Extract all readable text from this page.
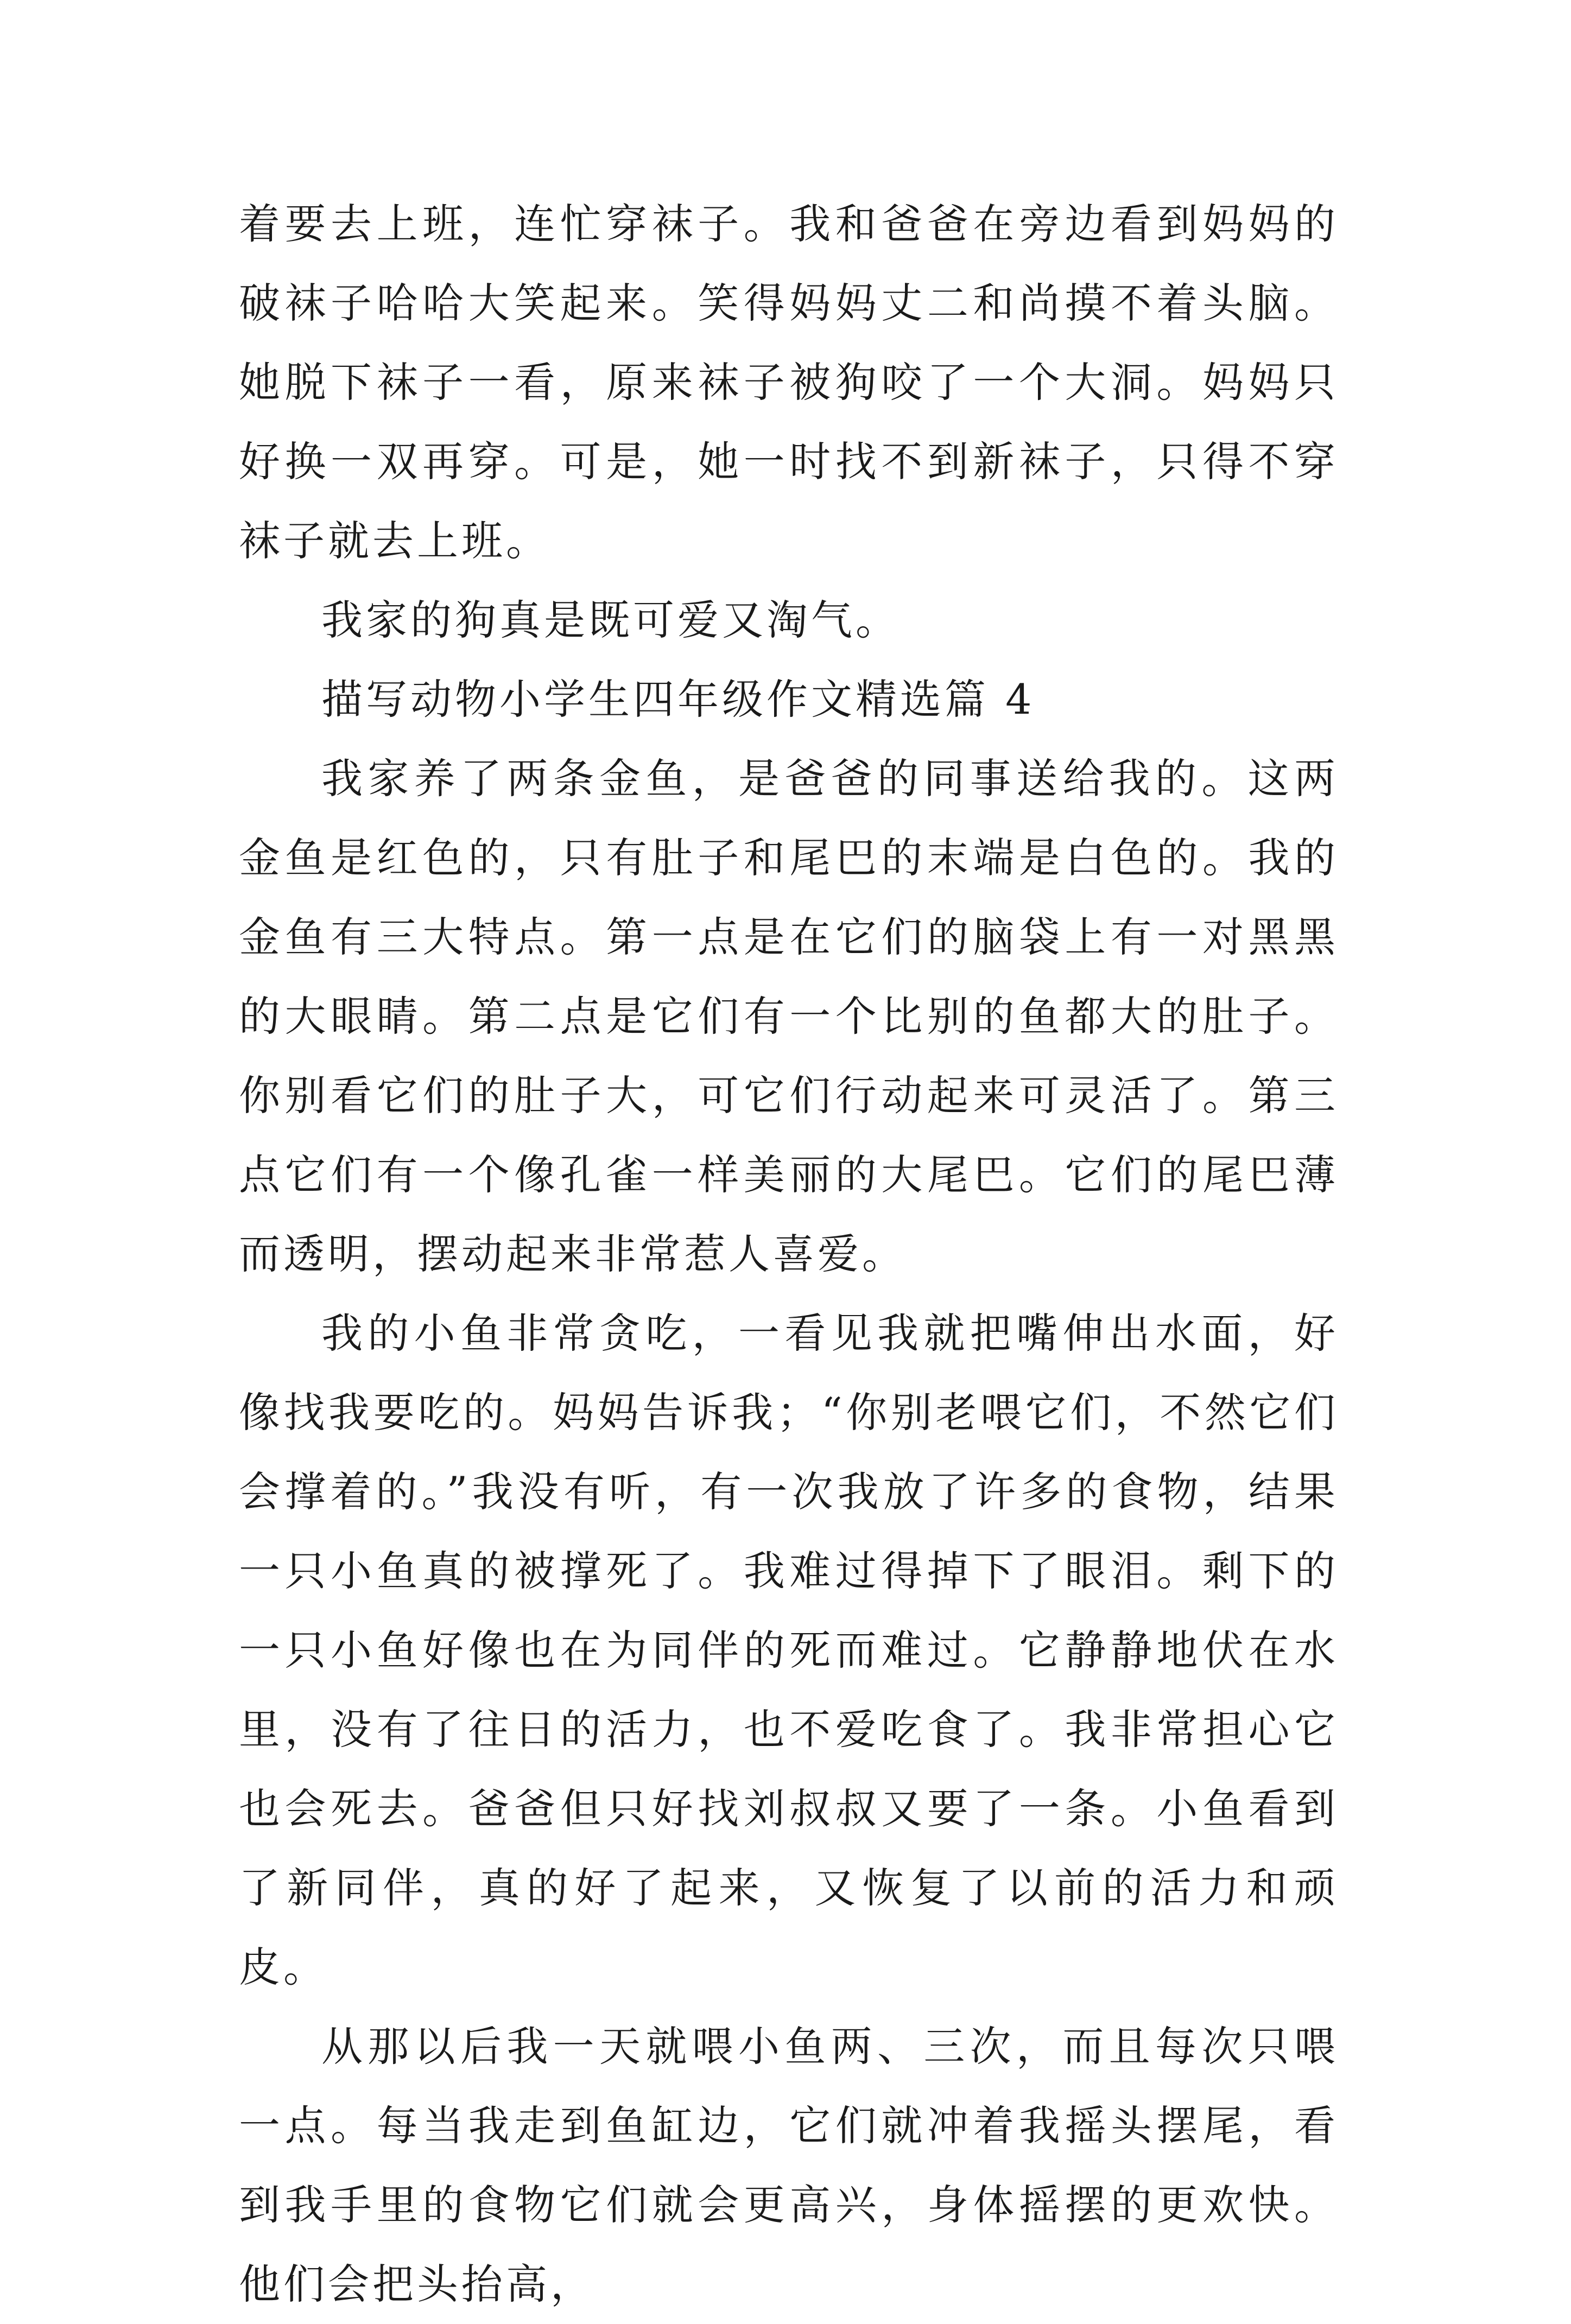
着要去上班，连忙穿袜子。我和爸爸在旁边看到妈妈的破袜子哈哈大笑起来。笑得妈妈丈二和尚摸不着头脑。她脱下袜子一看，原来袜子被狗咬了一个大洞。妈妈只好换一双再穿。可是，她一时找不到新袜子，只得不穿袜子就去上班。

我家的狗真是既可爱又淘气。

描写动物小学生四年级作文精选篇 4

我家养了两条金鱼，是爸爸的同事送给我的。这两金鱼是红色的，只有肚子和尾巴的末端是白色的。我的金鱼有三大特点。第一点是在它们的脑袋上有一对黑黑的大眼睛。第二点是它们有一个比别的鱼都大的肚子。你别看它们的肚子大，可它们行动起来可灵活了。第三点它们有一个像孔雀一样美丽的大尾巴。它们的尾巴薄而透明，摆动起来非常惹人喜爱。

我的小鱼非常贪吃，一看见我就把嘴伸出水面，好像找我要吃的。妈妈告诉我；“你别老喂它们，不然它们会撑着的。”我没有听，有一次我放了许多的食物，结果一只小鱼真的被撑死了。我难过得掉下了眼泪。剩下的一只小鱼好像也在为同伴的死而难过。它静静地伏在水里，没有了往日的活力，也不爱吃食了。我非常担心它也会死去。爸爸但只好找刘叔叔又要了一条。小鱼看到了新同伴，真的好了起来，又恢复了以前的活力和顽皮。

从那以后我一天就喂小鱼两、三次，而且每次只喂一点。每当我走到鱼缸边，它们就冲着我摇头摆尾，看到我手里的食物它们就会更高兴，身体摇摆的更欢快。他们会把头抬高，
